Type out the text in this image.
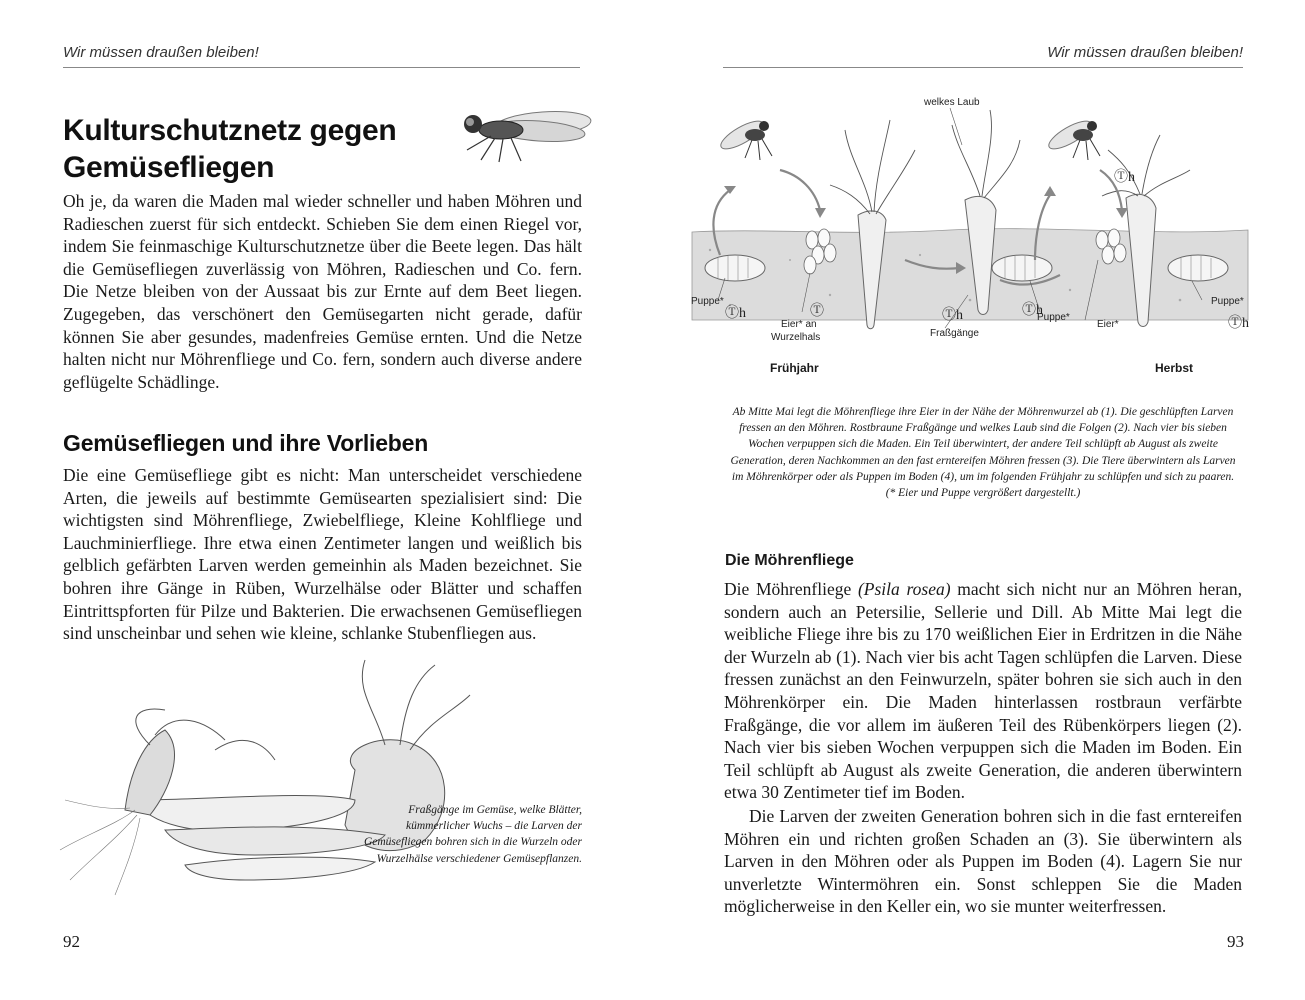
Wir müssen draußen bleiben!
Kulturschutznetz gegen
Gemüsefliegen

Oh je, da waren die Maden mal wieder schneller und haben Möhren und Radieschen zuerst für sich entdeckt. Schieben Sie dem einen Riegel vor, indem Sie feinmaschige Kulturschutznetze über die Beete legen. Das hält die Gemüsefliegen zuverlässig von Möhren, Radieschen und Co. fern. Die Netze bleiben von der Aussaat bis zur Ernte auf dem Beet liegen. Zugegeben, das verschönert den Gemüsegarten nicht gerade, dafür können Sie aber gesundes, madenfreies Gemüse ernten. Und die Netze halten nicht nur Möhrenfliege und Co. fern, sondern auch diverse andere geflügelte Schädlinge.

Gemüsefliegen und ihre Vorlieben

Die eine Gemüsefliege gibt es nicht: Man unterscheidet verschiedene Arten, die jeweils auf bestimmte Gemüsearten spezialisiert sind: Die wichtigsten sind Möhrenfliege, Zwiebelfliege, Kleine Kohlfliege und Lauchminierfliege. Ihre etwa einen Zentimeter langen und weißlich bis gelblich gefärbten Larven werden gemeinhin als Maden bezeichnet. Sie bohren ihre Gänge in Rüben, Wurzelhälse oder Blätter und schaffen Eintrittspforten für Pilze und Bakterien. Die erwachsenen Gemüsefliegen sind unscheinbar und sehen wie kleine, schlanke Stubenfliegen aus.

Fraßgänge im Gemüse, welke Blätter, kümmerlicher Wuchs – die Larven der Gemüsefliegen bohren sich in die Wurzeln oder Wurzelhälse verschiedener Gemüsepflanzen.

92
Wir müssen draußen bleiben!
welkes Laub
Puppe*
Ⓣh
Eier* an
Wurzelhals
Ⓣ
Fraßgänge
Ⓣh	Ⓣh
Puppe*
Eier*
Ⓣh
Puppe*
Ⓣh
Frühjahr	Herbst

Ab Mitte Mai legt die Möhrenfliege ihre Eier in der Nähe der Möhrenwurzel ab (1). Die geschlüpften Larven fressen an den Möhren. Rostbraune Fraßgänge und welkes Laub sind die Folgen (2). Nach vier bis sieben Wochen verpuppen sich die Maden. Ein Teil überwintert, der andere Teil schlüpft ab August als zweite Generation, deren Nachkommen an den fast erntereifen Möhren fressen (3). Die Tiere überwintern als Larven im Möhrenkörper oder als Puppen im Boden (4), um im folgenden Frühjahr zu schlüpfen und sich zu paaren. (* Eier und Puppe vergrößert dargestellt.)

Die Möhrenfliege

Die Möhrenfliege (Psila rosea) macht sich nicht nur an Möhren heran, sondern auch an Petersilie, Sellerie und Dill. Ab Mitte Mai legt die weibliche Fliege ihre bis zu 170 weißlichen Eier in Erdritzen in die Nähe der Wurzeln ab (1). Nach vier bis acht Tagen schlüpfen die Larven. Diese fressen zunächst an den Feinwurzeln, später bohren sie sich auch in den Möhrenkörper ein. Die Maden hinterlassen rostbraun verfärbte Fraßgänge, die vor allem im äußeren Teil des Rübenkörpers liegen (2). Nach vier bis sieben Wochen verpuppen sich die Maden im Boden. Ein Teil schlüpft ab August als zweite Generation, die anderen überwintern etwa 30 Zentimeter tief im Boden.

Die Larven der zweiten Generation bohren sich in die fast erntereifen Möhren ein und richten großen Schaden an (3). Sie überwintern als Larven in den Möhren oder als Puppen im Boden (4). Lagern Sie nur unverletzte Wintermöhren ein. Sonst schleppen Sie die Maden möglicherweise in den Keller ein, wo sie munter weiterfressen.

93
